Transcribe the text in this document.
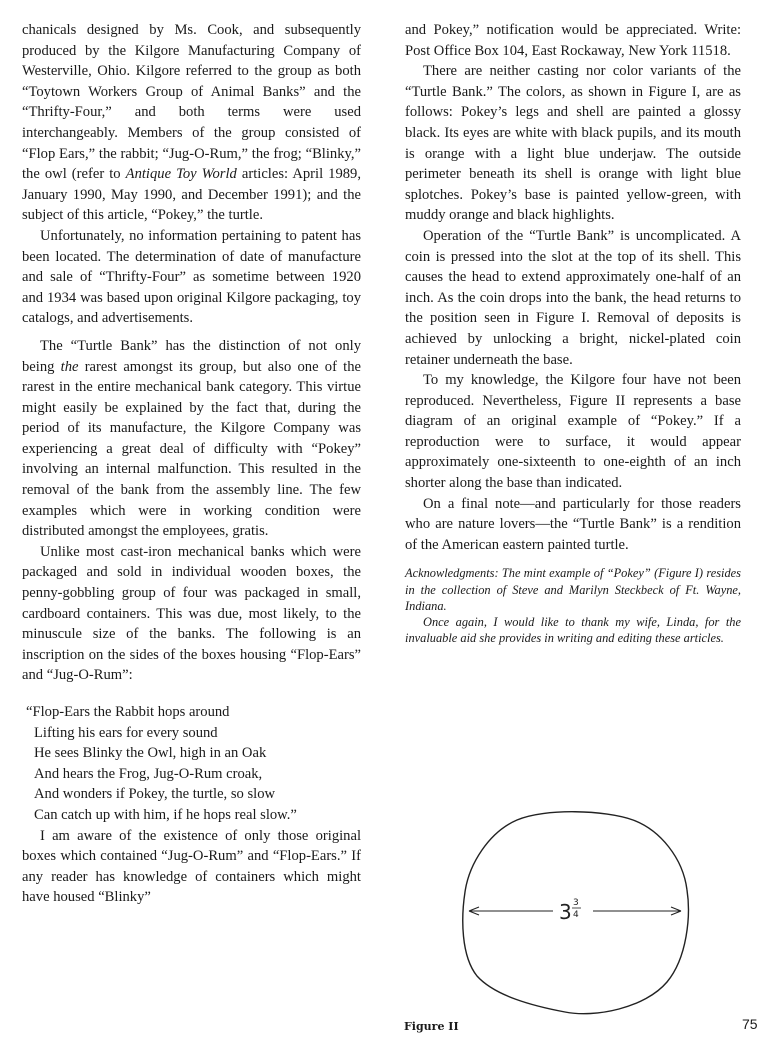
chanicals designed by Ms. Cook, and subsequently produced by the Kilgore Manufacturing Company of Westerville, Ohio. Kilgore referred to the group as both “Toytown Workers Group of Animal Banks” and the “Thrifty-Four,” and both terms were used interchangeably. Members of the group consisted of “Flop Ears,” the rabbit; “Jug-O-Rum,” the frog; “Blinky,” the owl (refer to Antique Toy World articles: April 1989, January 1990, May 1990, and December 1991); and the subject of this article, “Pokey,” the turtle.

Unfortunately, no information pertaining to patent has been located. The determination of date of manufacture and sale of “Thrifty-Four” as sometime between 1920 and 1934 was based upon original Kilgore packaging, toy catalogs, and advertisements.

The “Turtle Bank” has the distinction of not only being the rarest amongst its group, but also one of the rarest in the entire mechanical bank category. This virtue might easily be explained by the fact that, during the period of its manufacture, the Kilgore Company was experiencing a great deal of difficulty with “Pokey” involving an internal malfunction. This resulted in the removal of the bank from the assembly line. The few examples which were in working condition were distributed amongst the employees, gratis.

Unlike most cast-iron mechanical banks which were packaged and sold in individual wooden boxes, the penny-gobbling group of four was packaged in small, cardboard containers. This was due, most likely, to the minuscule size of the banks. The following is an inscription on the sides of the boxes housing “Flop-Ears” and “Jug-O-Rum”:

“Flop-Ears the Rabbit hops around
Lifting his ears for every sound
He sees Blinky the Owl, high in an Oak
And hears the Frog, Jug-O-Rum croak,
And wonders if Pokey, the turtle, so slow
Can catch up with him, if he hops real slow.”

I am aware of the existence of only those original boxes which contained “Jug-O-Rum” and “Flop-Ears.” If any reader has knowledge of containers which might have housed “Blinky”

and Pokey,” notification would be appreciated. Write: Post Office Box 104, East Rockaway, New York 11518.

There are neither casting nor color variants of the “Turtle Bank.” The colors, as shown in Figure I, are as follows: Pokey’s legs and shell are painted a glossy black. Its eyes are white with black pupils, and its mouth is orange with a light blue underjaw. The outside perimeter beneath its shell is orange with light blue splotches. Pokey’s base is painted yellow-green, with muddy orange and black highlights.

Operation of the “Turtle Bank” is uncomplicated. A coin is pressed into the slot at the top of its shell. This causes the head to extend approximately one-half of an inch. As the coin drops into the bank, the head returns to the position seen in Figure I. Removal of deposits is achieved by unlocking a bright, nickel-plated coin retainer underneath the base.

To my knowledge, the Kilgore four have not been reproduced. Nevertheless, Figure II represents a base diagram of an original example of “Pokey.” If a reproduction were to surface, it would appear approximately one-sixteenth to one-eighth of an inch shorter along the base than indicated.

On a final note—and particularly for those readers who are nature lovers—the “Turtle Bank” is a rendition of the American eastern painted turtle.

Acknowledgments: The mint example of “Pokey” (Figure I) resides in the collection of Steve and Marilyn Steckbeck of Ft. Wayne, Indiana.

Once again, I would like to thank my wife, Linda, for the invaluable aid she provides in writing and editing these articles.

3 3
4
Figure II	75
